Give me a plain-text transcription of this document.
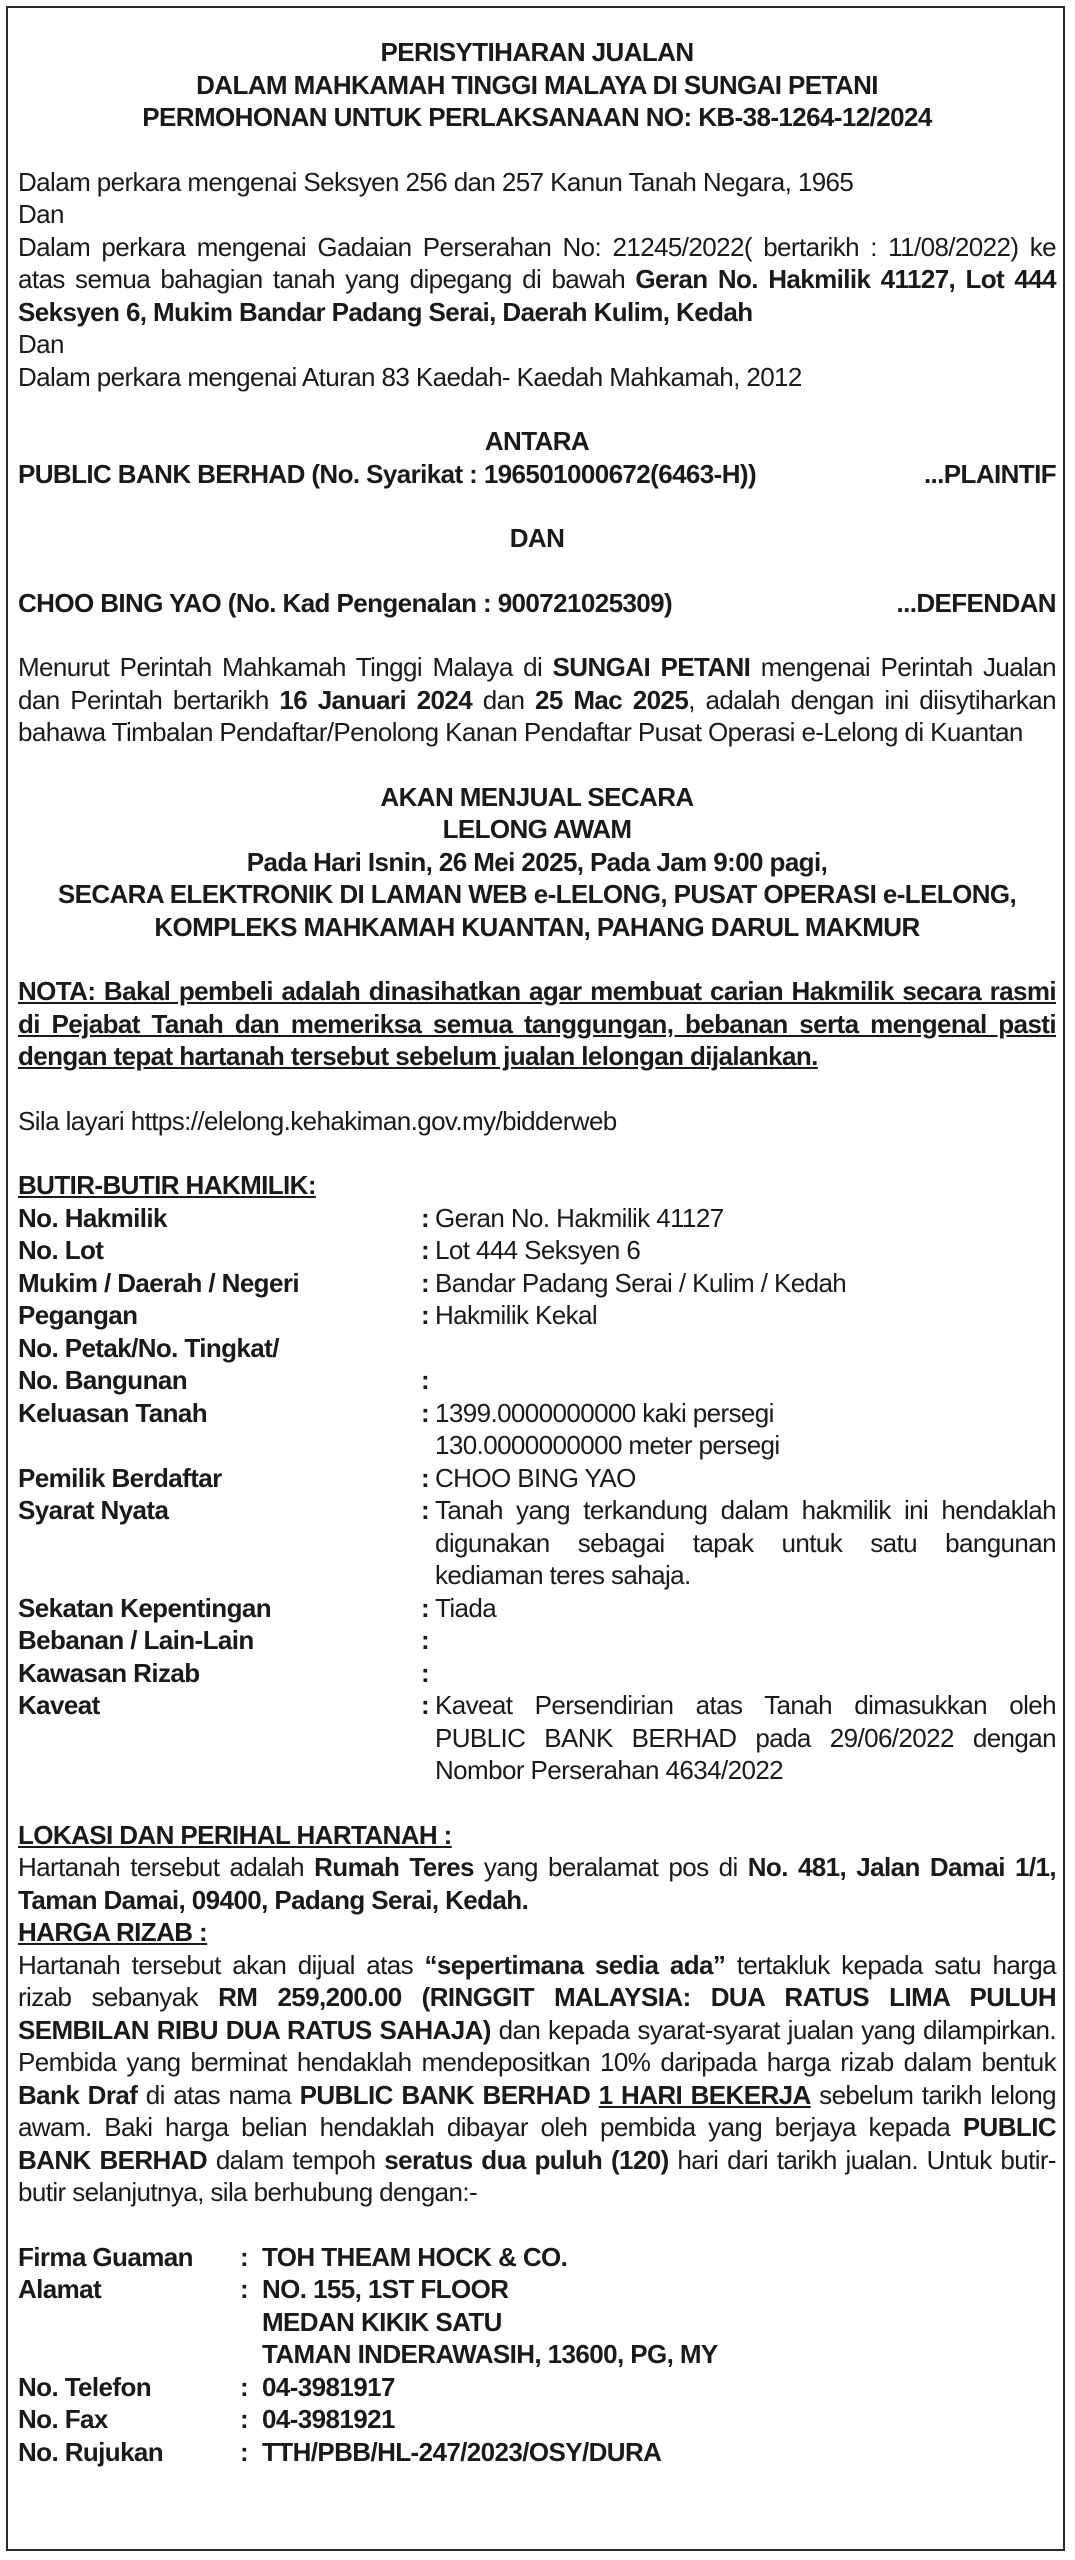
PERISYTIHARAN JUALAN
DALAM MAHKAMAH TINGGI MALAYA DI SUNGAI PETANI
PERMOHONAN UNTUK PERLAKSANAAN NO: KB-38-1264-12/2024
Dalam perkara mengenai Seksyen 256 dan 257 Kanun Tanah Negara, 1965
Dan
Dalam perkara mengenai Gadaian Perserahan No: 21245/2022( bertarikh : 11/08/2022) ke atas semua bahagian tanah yang dipegang di bawah Geran No. Hakmilik 41127, Lot 444 Seksyen 6, Mukim Bandar Padang Serai, Daerah Kulim, Kedah
Dan
Dalam perkara mengenai Aturan 83 Kaedah- Kaedah Mahkamah, 2012
ANTARA
PUBLIC BANK BERHAD (No. Syarikat : 196501000672(6463-H))	...PLAINTIF
DAN
CHOO BING YAO (No. Kad Pengenalan : 900721025309)	...DEFENDAN
Menurut Perintah Mahkamah Tinggi Malaya di SUNGAI PETANI mengenai Perintah Jualan dan Perintah bertarikh 16 Januari 2024 dan 25 Mac 2025, adalah dengan ini diisytiharkan bahawa Timbalan Pendaftar/Penolong Kanan Pendaftar Pusat Operasi e-Lelong di Kuantan
AKAN MENJUAL SECARA
LELONG AWAM
Pada Hari Isnin, 26 Mei 2025, Pada Jam 9:00 pagi,
SECARA ELEKTRONIK DI LAMAN WEB e-LELONG, PUSAT OPERASI e-LELONG,
KOMPLEKS MAHKAMAH KUANTAN, PAHANG DARUL MAKMUR
NOTA: Bakal pembeli adalah dinasihatkan agar membuat carian Hakmilik secara rasmi di Pejabat Tanah dan memeriksa semua tanggungan, bebanan serta mengenal pasti dengan tepat hartanah tersebut sebelum jualan lelongan dijalankan.
Sila layari https://elelong.kehakiman.gov.my/bidderweb
BUTIR-BUTIR HAKMILIK:
No. Hakmilik	:	Geran No. Hakmilik 41127
No. Lot	:	Lot 444 Seksyen 6
Mukim / Daerah / Negeri	:	Bandar Padang Serai / Kulim / Kedah
Pegangan	:	Hakmilik Kekal
No. Petak/No. Tingkat/		
No. Bangunan	:	
Keluasan Tanah	:	1399.0000000000 kaki persegi
130.0000000000 meter persegi

Pemilik Berdaftar	:	CHOO BING YAO
Syarat Nyata	:	Tanah yang terkandung dalam hakmilik ini hendaklah digunakan sebagai tapak untuk satu bangunan kediaman teres sahaja.
Sekatan Kepentingan	:	Tiada
Bebanan / Lain-Lain	:	
Kawasan Rizab	:	
Kaveat	:	Kaveat Persendirian atas Tanah dimasukkan oleh PUBLIC BANK BERHAD pada 29/06/2022 dengan Nombor Perserahan 4634/2022
LOKASI DAN PERIHAL HARTANAH :
Hartanah tersebut adalah Rumah Teres yang beralamat pos di No. 481, Jalan Damai 1/1, Taman Damai, 09400, Padang Serai, Kedah.
HARGA RIZAB :
Hartanah tersebut akan dijual atas “sepertimana sedia ada” tertakluk kepada satu harga rizab sebanyak RM 259,200.00 (RINGGIT MALAYSIA: DUA RATUS LIMA PULUH SEMBILAN RIBU DUA RATUS SAHAJA) dan kepada syarat-syarat jualan yang dilampirkan. Pembida yang berminat hendaklah mendepositkan 10% daripada harga rizab dalam bentuk Bank Draf di atas nama PUBLIC BANK BERHAD 1 HARI BEKERJA sebelum tarikh lelong awam. Baki harga belian hendaklah dibayar oleh pembida yang berjaya kepada PUBLIC BANK BERHAD dalam tempoh seratus dua puluh (120) hari dari tarikh jualan. Untuk butir-butir selanjutnya, sila berhubung dengan:-
Firma Guaman	:	TOH THEAM HOCK & CO.
Alamat	:	NO. 155, 1ST FLOOR
MEDAN KIKIK SATU
TAMAN INDERAWASIH, 13600, PG, MY

No. Telefon	:	04-3981917
No. Fax	:	04-3981921
No. Rujukan	:	TTH/PBB/HL-247/2023/OSY/DURA
